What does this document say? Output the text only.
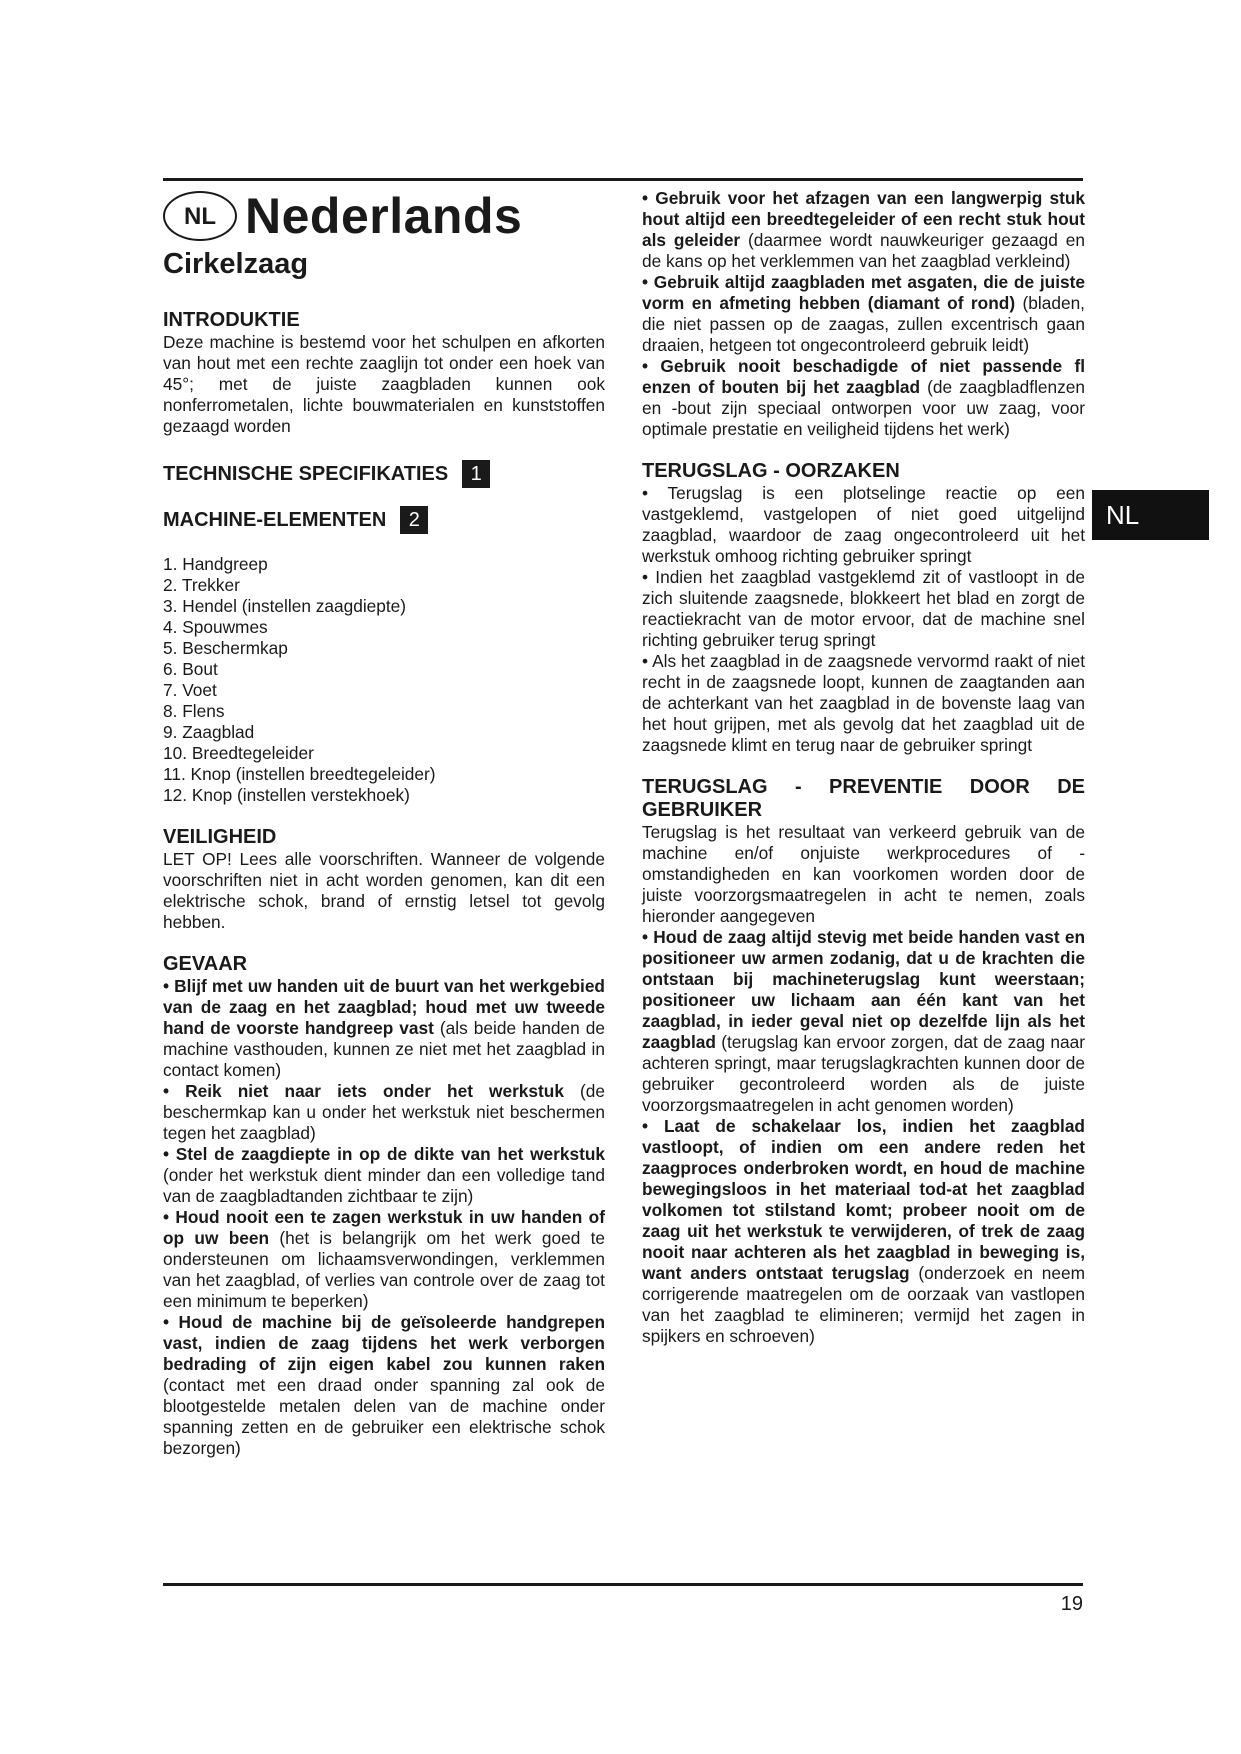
NL Nederlands
Cirkelzaag
INTRODUKTIE

Deze machine is bestemd voor het schulpen en afkorten van hout met een rechte zaaglijn tot onder een hoek van 45°; met de juiste zaagbladen kunnen ook nonferrometalen, lichte bouwmaterialen en kunststoffen gezaagd worden

TECHNISCHE SPECIFIKATIES	1
MACHINE-ELEMENTEN	2
1. Handgreep
2. Trekker
3. Hendel (instellen zaagdiepte)
4. Spouwmes
5. Beschermkap
6. Bout
7. Voet
8. Flens
9. Zaagblad
10. Breedtegeleider
11. Knop (instellen breedtegeleider)
12. Knop (instellen verstekhoek)
VEILIGHEID

LET OP! Lees alle voorschriften. Wanneer de volgende voorschriften niet in acht worden genomen, kan dit een elektrische schok, brand of ernstig letsel tot gevolg hebben.

GEVAAR

• Blijf met uw handen uit de buurt van het werkgebied van de zaag en het zaagblad; houd met uw tweede hand de voorste handgreep vast (als beide handen de machine vasthouden, kunnen ze niet met het zaagblad in contact komen)

• Reik niet naar iets onder het werkstuk (de beschermkap kan u onder het werkstuk niet beschermen tegen het zaagblad)

• Stel de zaagdiepte in op de dikte van het werkstuk (onder het werkstuk dient minder dan een volledige tand van de zaagbladtanden zichtbaar te zijn)

• Houd nooit een te zagen werkstuk in uw handen of op uw been (het is belangrijk om het werk goed te ondersteunen om lichaamsverwondingen, verklemmen van het zaagblad, of verlies van controle over de zaag tot een minimum te beperken)

• Houd de machine bij de geïsoleerde handgrepen vast, indien de zaag tijdens het werk verborgen bedrading of zijn eigen kabel zou kunnen raken (contact met een draad onder spanning zal ook de blootgestelde metalen delen van de machine onder spanning zetten en de gebruiker een elektrische schok bezorgen)

• Gebruik voor het afzagen van een langwerpig stuk hout altijd een breedtegeleider of een recht stuk hout als geleider (daarmee wordt nauwkeuriger gezaagd en de kans op het verklemmen van het zaagblad verkleind)

• Gebruik altijd zaagbladen met asgaten, die de juiste vorm en afmeting hebben (diamant of rond) (bladen, die niet passen op de zaagas, zullen excentrisch gaan draaien, hetgeen tot ongecontroleerd gebruik leidt)

• Gebruik nooit beschadigde of niet passende fl enzen of bouten bij het zaagblad (de zaagbladflenzen en -bout zijn speciaal ontworpen voor uw zaag, voor optimale prestatie en veiligheid tijdens het werk)

TERUGSLAG - OORZAKEN

• Terugslag is een plotselinge reactie op een vastgeklemd, vastgelopen of niet goed uitgelijnd zaagblad, waardoor de zaag ongecontroleerd uit het werkstuk omhoog richting gebruiker springt

• Indien het zaagblad vastgeklemd zit of vastloopt in de zich sluitende zaagsnede, blokkeert het blad en zorgt de reactiekracht van de motor ervoor, dat de machine snel richting gebruiker terug springt

• Als het zaagblad in de zaagsnede vervormd raakt of niet recht in de zaagsnede loopt, kunnen de zaagtanden aan de achterkant van het zaagblad in de bovenste laag van het hout grijpen, met als gevolg dat het zaagblad uit de zaagsnede klimt en terug naar de gebruiker springt

TERUGSLAG - PREVENTIE DOOR DE GEBRUIKER

Terugslag is het resultaat van verkeerd gebruik van de machine en/of onjuiste werkprocedures of -omstandigheden en kan voorkomen worden door de juiste voorzorgsmaatregelen in acht te nemen, zoals hieronder aangegeven

• Houd de zaag altijd stevig met beide handen vast en positioneer uw armen zodanig, dat u de krachten die ontstaan bij machineterugslag kunt weerstaan; positioneer uw lichaam aan één kant van het zaagblad, in ieder geval niet op dezelfde lijn als het zaagblad (terugslag kan ervoor zorgen, dat de zaag naar achteren springt, maar terugslagkrachten kunnen door de gebruiker gecontroleerd worden als de juiste voorzorgsmaatregelen in acht genomen worden)

• Laat de schakelaar los, indien het zaagblad vastloopt, of indien om een andere reden het zaagproces onderbroken wordt, en houd de machine bewegingsloos in het materiaal tod-at het zaagblad volkomen tot stilstand komt; probeer nooit om de zaag uit het werkstuk te verwijderen, of trek de zaag nooit naar achteren als het zaagblad in beweging is, want anders ontstaat terugslag (onderzoek en neem corrigerende maatregelen om de oorzaak van vastlopen van het zaagblad te elimineren; vermijd het zagen in spijkers en schroeven)

NL
19
